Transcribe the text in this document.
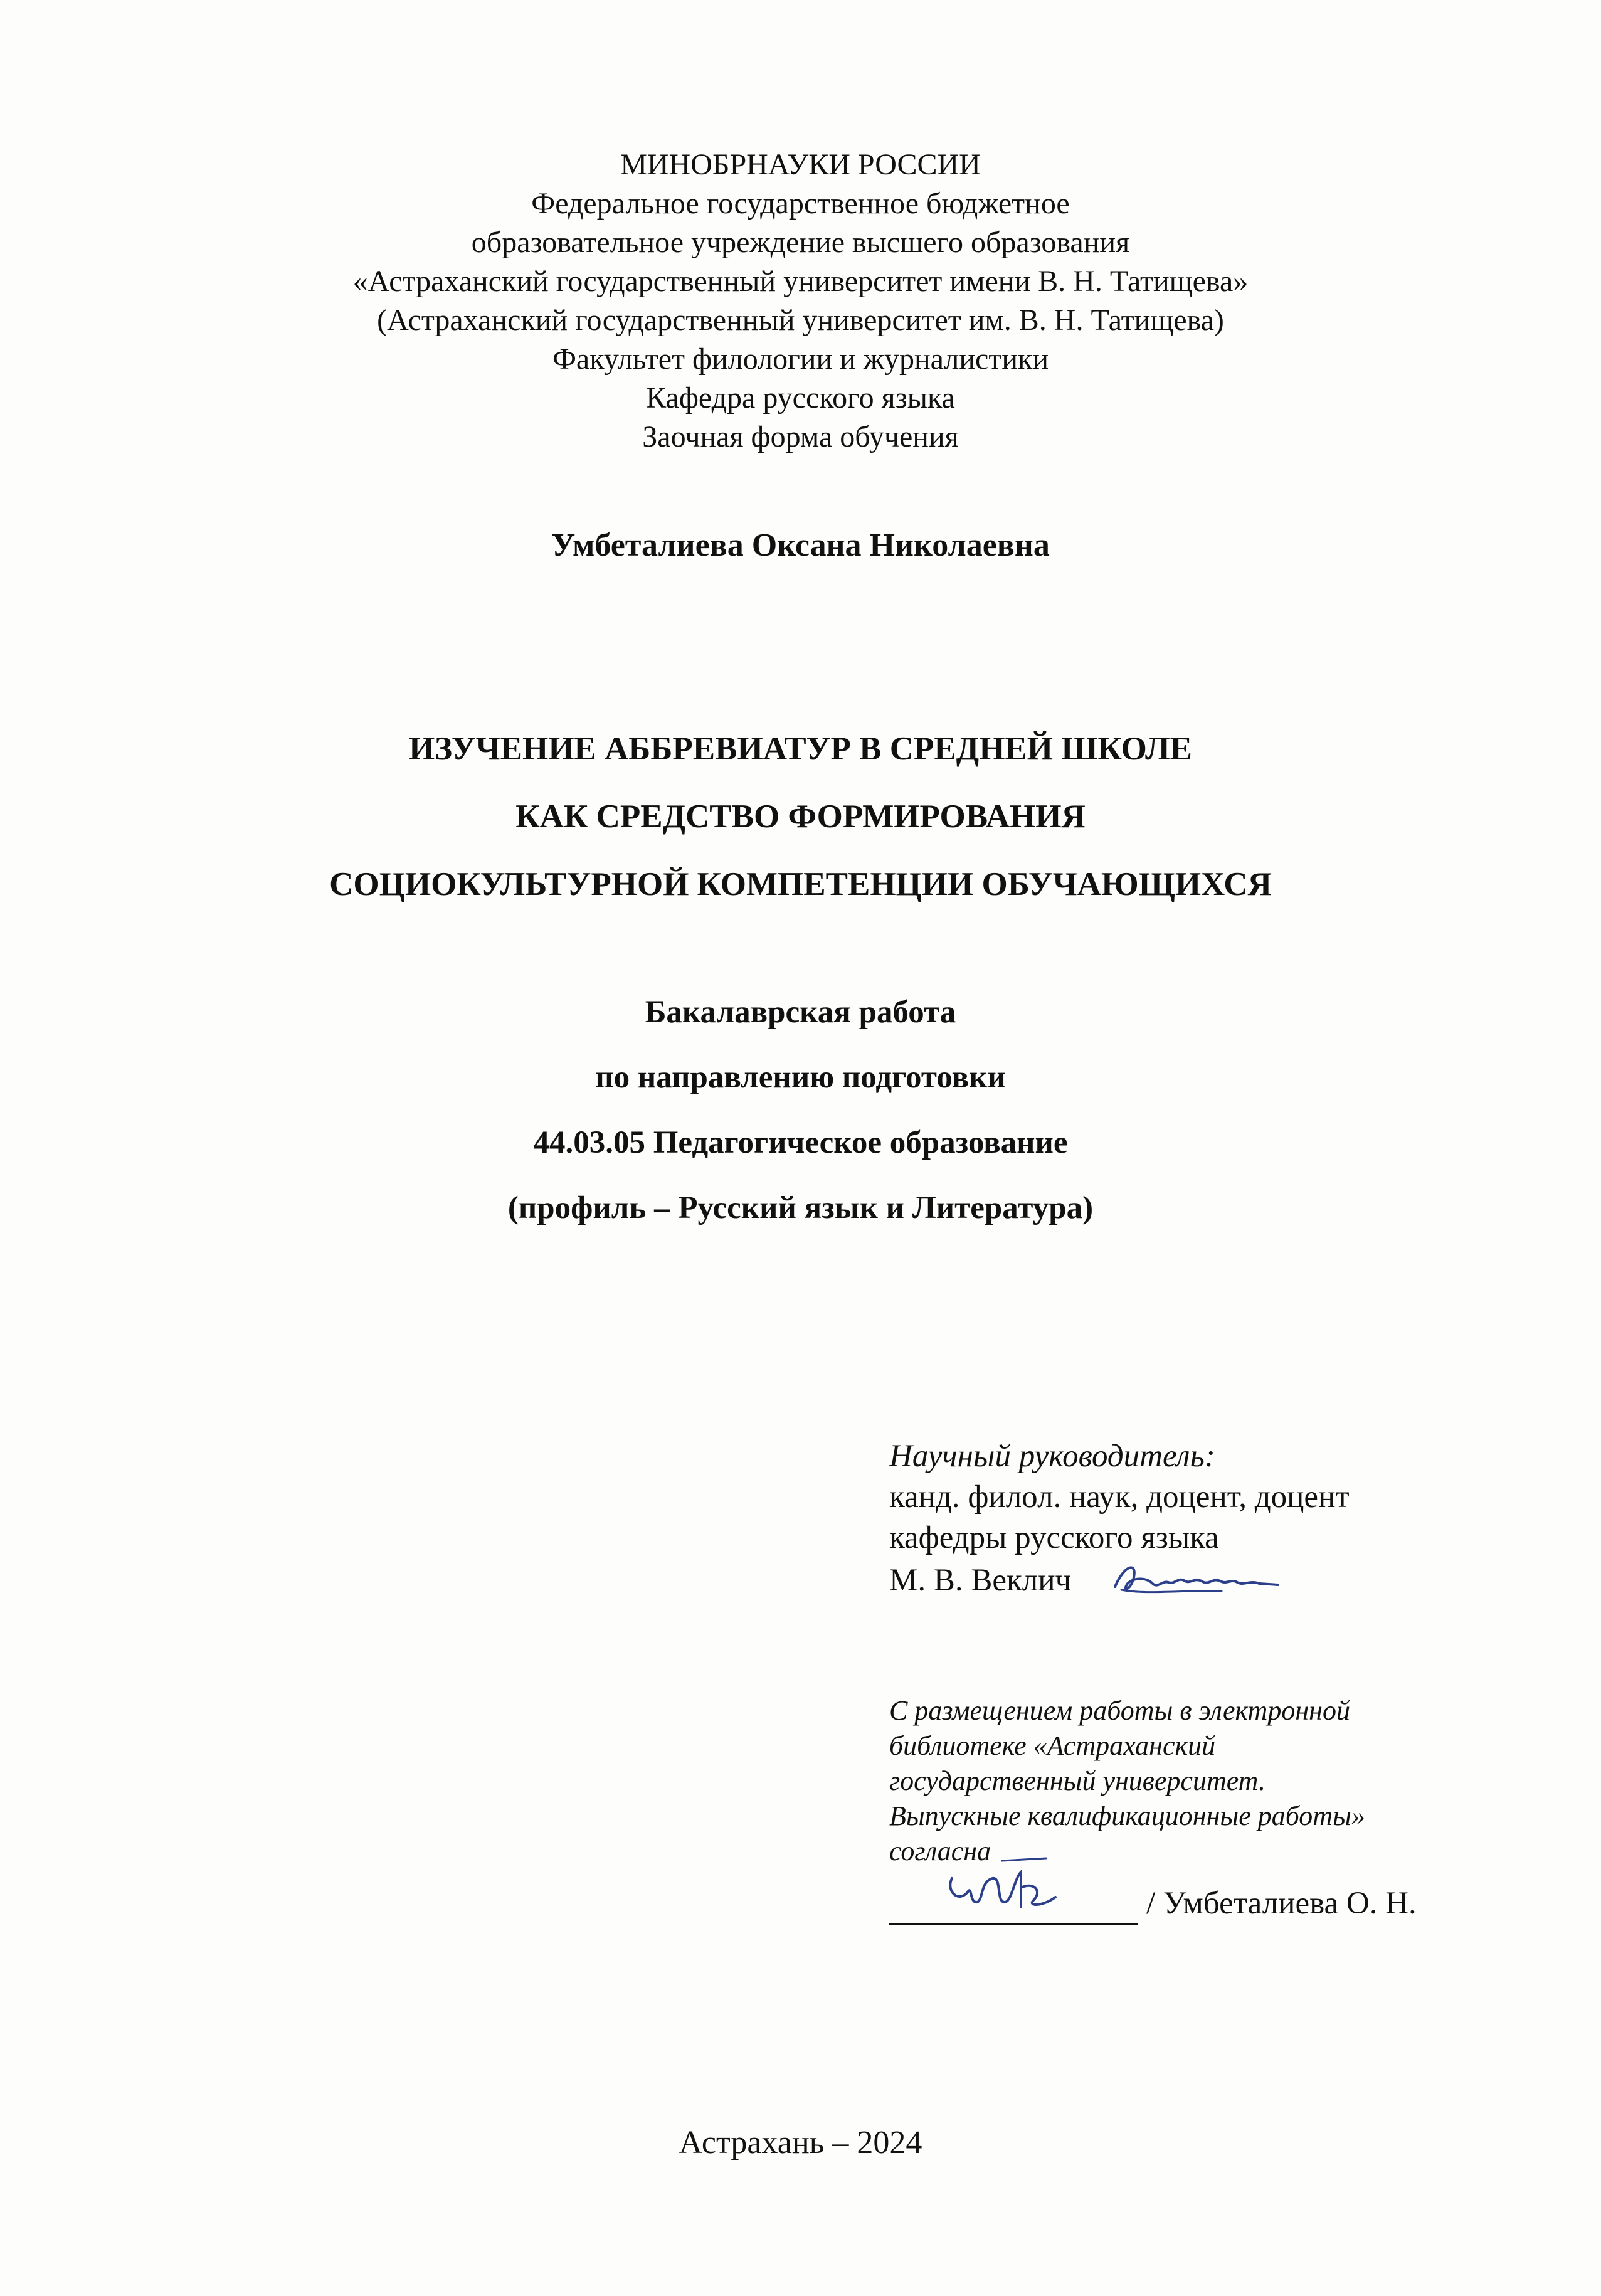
МИНОБРНАУКИ РОССИИ
Федеральное государственное бюджетное
образовательное учреждение высшего образования
«Астраханский государственный университет имени В. Н. Татищева»
(Астраханский государственный университет им. В. Н. Татищева)
Факультет филологии и журналистики
Кафедра русского языка
Заочная форма обучения
Умбеталиева Оксана Николаевна
ИЗУЧЕНИЕ АББРЕВИАТУР В СРЕДНЕЙ ШКОЛЕ
КАК СРЕДСТВО ФОРМИРОВАНИЯ
СОЦИОКУЛЬТУРНОЙ КОМПЕТЕНЦИИ ОБУЧАЮЩИХСЯ
Бакалаврская работа
по направлению подготовки
44.03.05 Педагогическое образование
(профиль – Русский язык и Литература)
Научный руководитель:
канд. филол. наук, доцент, доцент
кафедры русского языка
М. В. Веклич
С размещением работы в электронной
библиотеке «Астраханский
государственный университет.
Выпускные квалификационные работы»
согласна
/ Умбеталиева О. Н.
Астрахань – 2024
